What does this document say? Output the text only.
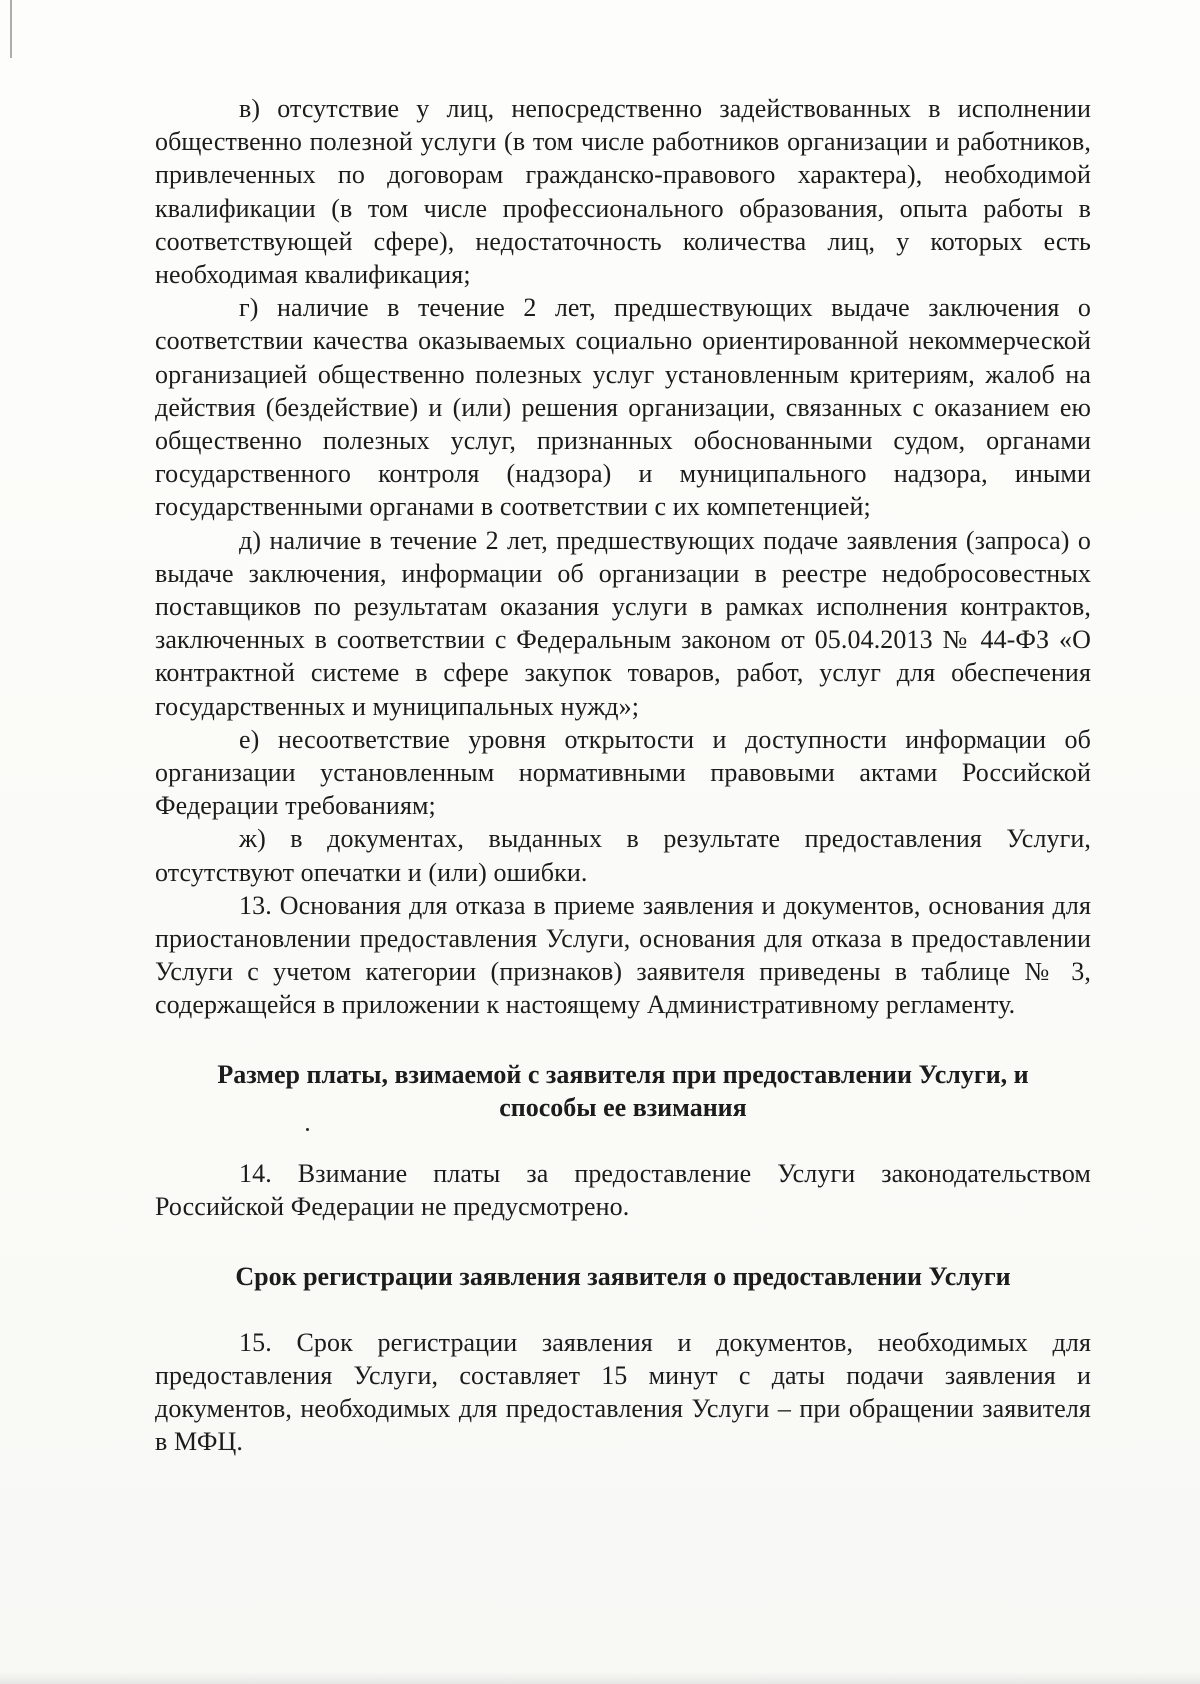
в) отсутствие у лиц, непосредственно задействованных в исполнении общественно полезной услуги (в том числе работников организации и работников, привлеченных по договорам гражданско-правового характера), необходимой квалификации (в том числе профессионального образования, опыта работы в соответствующей сфере), недостаточность количества лиц, у которых есть необходимая квалификация;

г) наличие в течение 2 лет, предшествующих выдаче заключения о соответствии качества оказываемых социально ориентированной некоммерческой организацией общественно полезных услуг установленным критериям, жалоб на действия (бездействие) и (или) решения организации, связанных с оказанием ею общественно полезных услуг, признанных обоснованными судом, органами государственного контроля (надзора) и муниципального надзора, иными государственными органами в соответствии с их компетенцией;

д) наличие в течение 2 лет, предшествующих подаче заявления (запроса) о выдаче заключения, информации об организации в реестре недобросовестных поставщиков по результатам оказания услуги в рамках исполнения контрактов, заключенных в соответствии с Федеральным законом от 05.04.2013 № 44-ФЗ «О контрактной системе в сфере закупок товаров, работ, услуг для обеспечения государственных и муниципальных нужд»;

е) несоответствие уровня открытости и доступности информации об организации установленным нормативными правовыми актами Российской Федерации требованиям;

ж) в документах, выданных в результате предоставления Услуги, отсутствуют опечатки и (или) ошибки.

13. Основания для отказа в приеме заявления и документов, основания для приостановлении предоставления Услуги, основания для отказа в предоставлении Услуги с учетом категории (признаков) заявителя приведены в таблице № 3, содержащейся в приложении к настоящему Административному регламенту.

Размер платы, взимаемой с заявителя при предоставлении Услуги, и
способы ее взимания

14. Взимание платы за предоставление Услуги законодательством Российской Федерации не предусмотрено.

Срок регистрации заявления заявителя о предоставлении Услуги

15. Срок регистрации заявления и документов, необходимых для предоставления Услуги, составляет 15 минут с даты подачи заявления и документов, необходимых для предоставления Услуги – при обращении заявителя в МФЦ.
